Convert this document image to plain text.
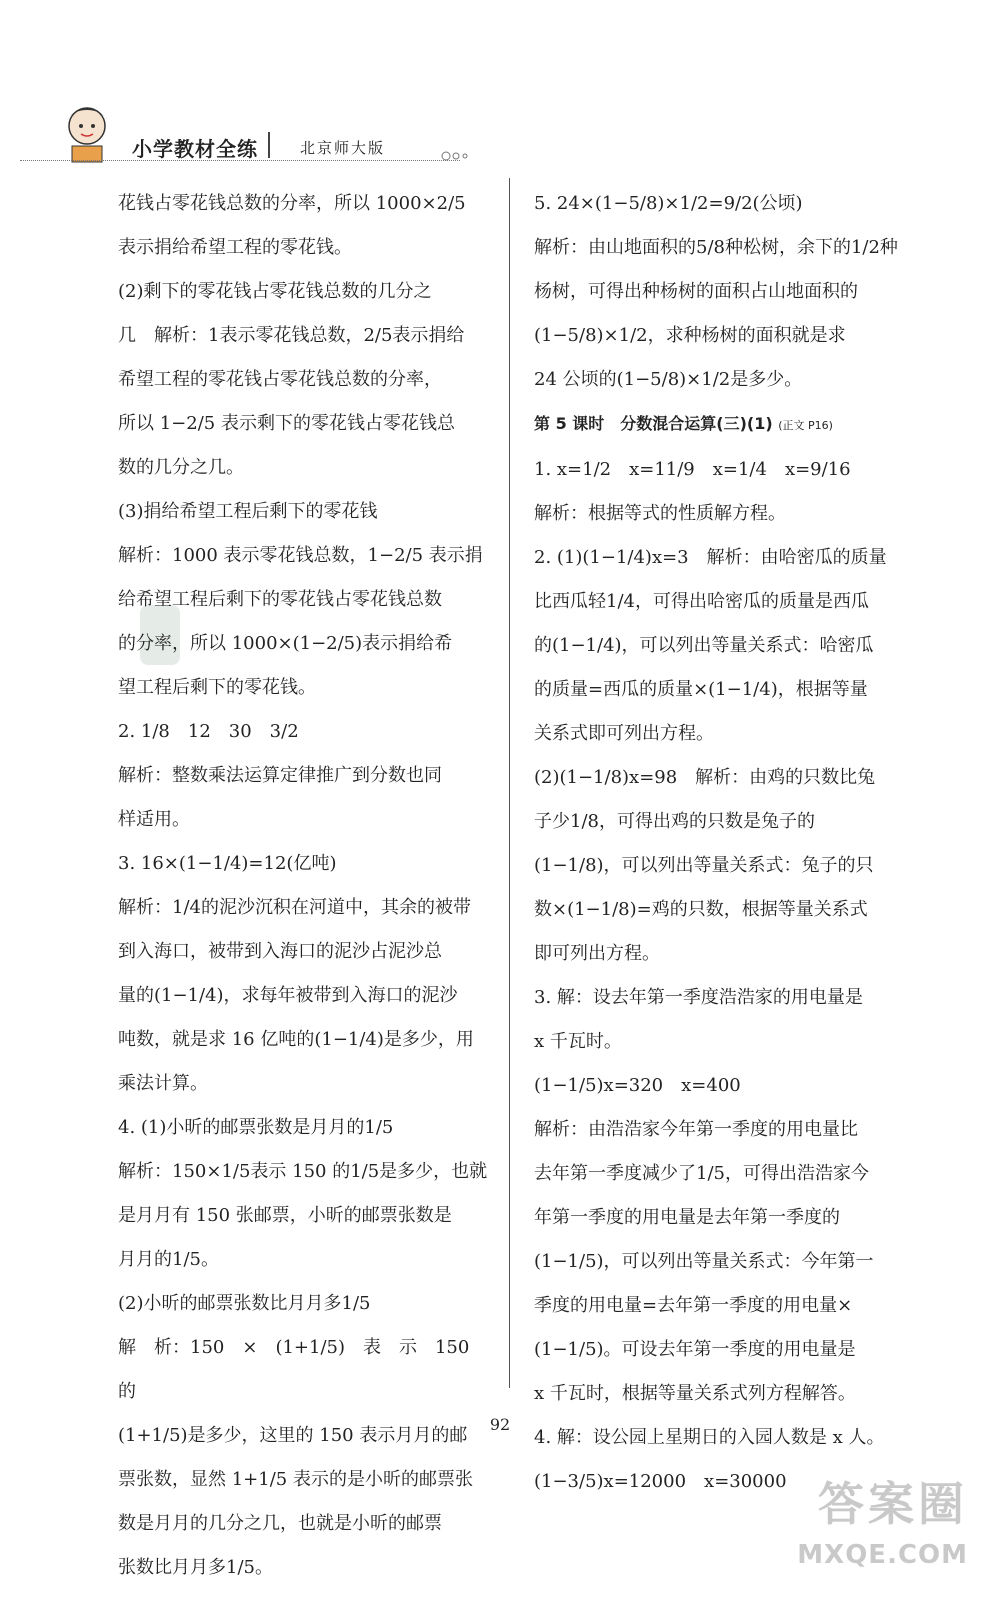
小学教材全练	北京师大版

花钱占零花钱总数的分率，所以 1000×2/5

表示捐给希望工程的零花钱。

(2)剩下的零花钱占零花钱总数的几分之

几　解析：1表示零花钱总数，2/5表示捐给

希望工程的零花钱占零花钱总数的分率，

所以 1−2/5 表示剩下的零花钱占零花钱总

数的几分之几。

(3)捐给希望工程后剩下的零花钱

解析：1000 表示零花钱总数，1−2/5 表示捐

给希望工程后剩下的零花钱占零花钱总数

的分率，所以 1000×(1−2/5)表示捐给希

望工程后剩下的零花钱。

2. 1/8　12　30　3/2

解析：整数乘法运算定律推广到分数也同

样适用。

3. 16×(1−1/4)=12(亿吨)

解析：1/4的泥沙沉积在河道中，其余的被带

到入海口，被带到入海口的泥沙占泥沙总

量的(1−1/4)，求每年被带到入海口的泥沙

吨数，就是求 16 亿吨的(1−1/4)是多少，用

乘法计算。

4. (1)小昕的邮票张数是月月的1/5

解析：150×1/5表示 150 的1/5是多少，也就

是月月有 150 张邮票，小昕的邮票张数是

月月的1/5。

(2)小昕的邮票张数比月月多1/5

解　析：150　×　(1+1/5)　表　示　150　的

(1+1/5)是多少，这里的 150 表示月月的邮

票张数，显然 1+1/5 表示的是小昕的邮票张

数是月月的几分之几，也就是小昕的邮票

张数比月月多1/5。

5. 24×(1−5/8)×1/2=9/2(公顷)

解析：由山地面积的5/8种松树，余下的1/2种

杨树，可得出种杨树的面积占山地面积的

(1−5/8)×1/2，求种杨树的面积就是求

24 公顷的(1−5/8)×1/2是多少。

第 5 课时　分数混合运算(三)(1) (正文 P16)

1. x=1/2　x=11/9　x=1/4　x=9/16

解析：根据等式的性质解方程。

2. (1)(1−1/4)x=3　解析：由哈密瓜的质量

比西瓜轻1/4，可得出哈密瓜的质量是西瓜

的(1−1/4)，可以列出等量关系式：哈密瓜

的质量=西瓜的质量×(1−1/4)，根据等量

关系式即可列出方程。

(2)(1−1/8)x=98　解析：由鸡的只数比兔

子少1/8，可得出鸡的只数是兔子的

(1−1/8)，可以列出等量关系式：兔子的只

数×(1−1/8)=鸡的只数，根据等量关系式

即可列出方程。

3. 解：设去年第一季度浩浩家的用电量是

x 千瓦时。

(1−1/5)x=320　x=400

解析：由浩浩家今年第一季度的用电量比

去年第一季度减少了1/5，可得出浩浩家今

年第一季度的用电量是去年第一季度的

(1−1/5)，可以列出等量关系式：今年第一

季度的用电量=去年第一季度的用电量×

(1−1/5)。可设去年第一季度的用电量是

x 千瓦时，根据等量关系式列方程解答。

4. 解：设公园上星期日的入园人数是 x 人。

(1−3/5)x=12000　x=30000

92
答案圈
MXQE.COM
